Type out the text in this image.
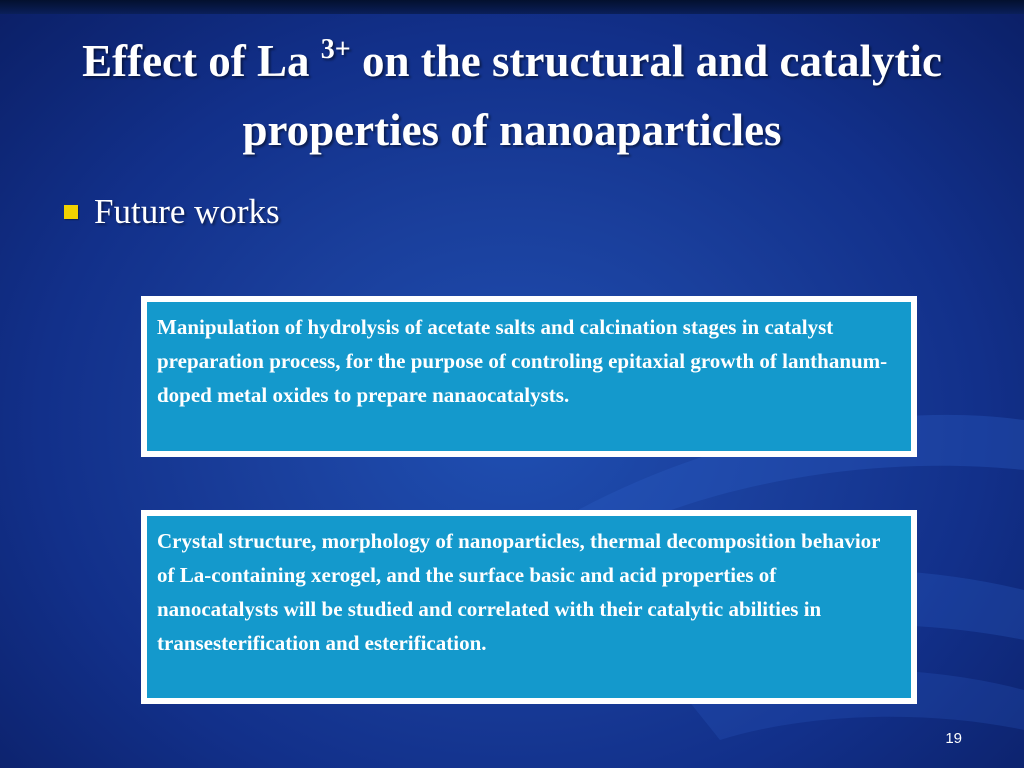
Effect of La $^{3+}$ on the structural and catalytic properties of nanoaparticles
Future works
Manipulation of hydrolysis of acetate salts and calcination stages in catalyst preparation process, for the purpose of controling epitaxial growth of lanthanum-doped metal oxides to prepare nanaocatalysts.
Crystal structure, morphology of nanoparticles, thermal decomposition behavior of La-containing xerogel, and the surface basic and acid properties of nanocatalysts will be studied and correlated with their catalytic abilities in transesterification and esterification.
19
